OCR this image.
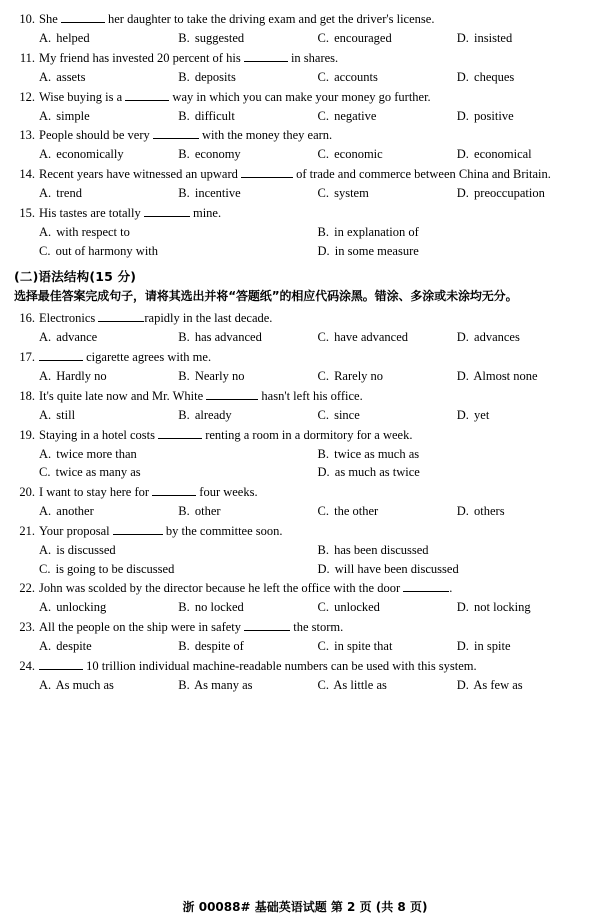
10. She	her daughter to take the driving exam and get the driver's license.
A. helped	B. suggested	C. encouraged	D. insisted
11. My friend has invested 20 percent of his	in shares.
A. assets	B. deposits	C. accounts	D. cheques
12. Wise buying is a	way in which you can make your money go further.
A. simple	B. difficult	C. negative	D. positive
13. People should be very	with the money they earn.
A. economically	B. economy	C. economic	D. economical
14. Recent years have witnessed an upward	of trade and commerce between China and Britain.
A. trend	B. incentive	C. system	D. preoccupation
15. His tastes are totally	mine.
A. with respect to	B. in explanation of
C. out of harmony with	D. in some measure
(二)语法结构(15 分)
选择最佳答案完成句子，请将其选出并将“答题纸”的相应代码涂黑。错涂、多涂或未涂均无分。
16. Electronics	rapidly in the last decade.
A. advance	B. has advanced	C. have advanced	D. advances
17.	cigarette agrees with me.
A. Hardly no	B. Nearly no	C. Rarely no	D. Almost none
18. It's quite late now and Mr. White	hasn't left his office.
A. still	B. already	C. since	D. yet
19. Staying in a hotel costs	renting a room in a dormitory for a week.
A. twice more than	B. twice as much as
C. twice as many as	D. as much as twice
20. I want to stay here for	four weeks.
A. another	B. other	C. the other	D. others
21. Your proposal	by the committee soon.
A. is discussed	B. has been discussed
C. is going to be discussed	D. will have been discussed
22. John was scolded by the director because he left the office with the door	.
A. unlocking	B. no locked	C. unlocked	D. not locking
23. All the people on the ship were in safety	the storm.
A. despite	B. despite of	C. in spite that	D. in spite
24.	10 trillion individual machine-readable numbers can be used with this system.
A. As much as	B. As many as	C. As little as	D. As few as
浙 00088# 基础英语试题 第 2 页 (共 8 页)
